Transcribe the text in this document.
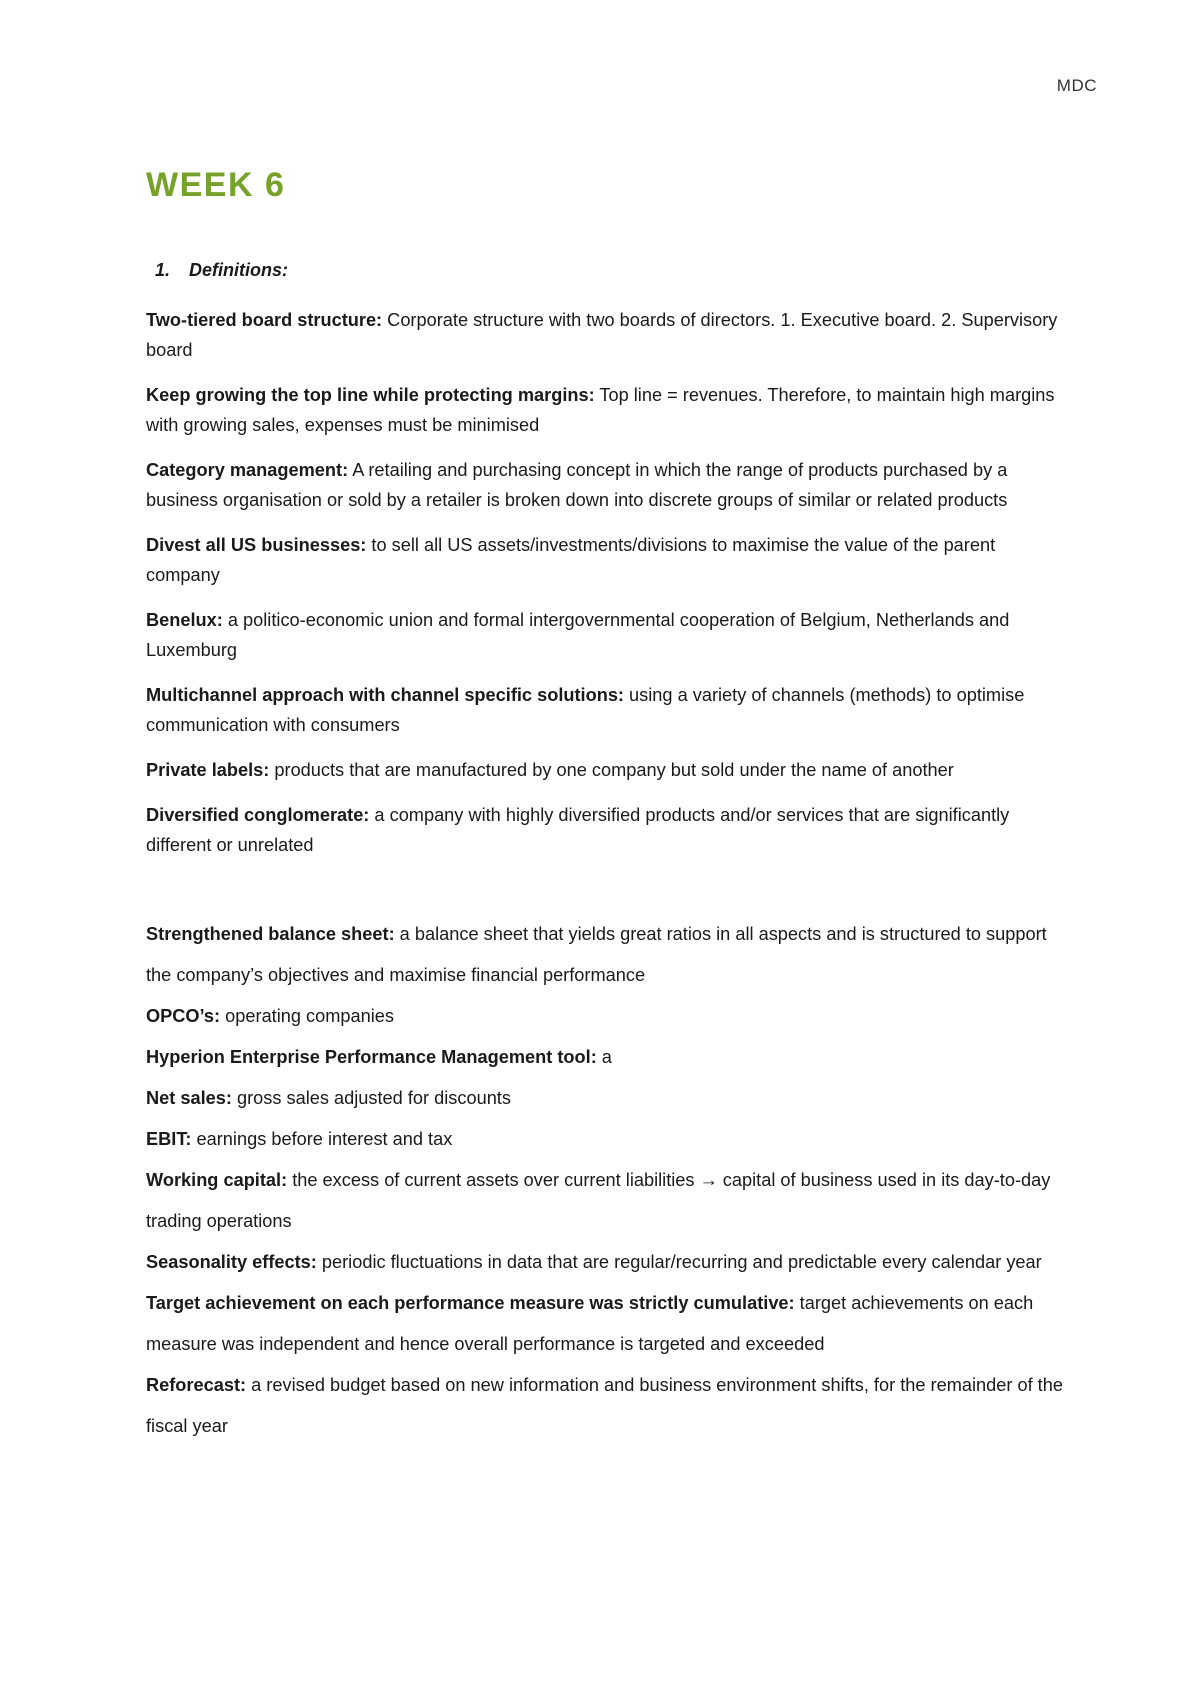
MDC
WEEK 6
1. Definitions:

Two-tiered board structure: Corporate structure with two boards of directors. 1. Executive board. 2. Supervisory board

Keep growing the top line while protecting margins: Top line = revenues. Therefore, to maintain high margins with growing sales, expenses must be minimised

Category management: A retailing and purchasing concept in which the range of products purchased by a business organisation or sold by a retailer is broken down into discrete groups of similar or related products

Divest all US businesses: to sell all US assets/investments/divisions to maximise the value of the parent company

Benelux: a politico-economic union and formal intergovernmental cooperation of Belgium, Netherlands and Luxemburg

Multichannel approach with channel specific solutions: using a variety of channels (methods) to optimise communication with consumers

Private labels: products that are manufactured by one company but sold under the name of another

Diversified conglomerate: a company with highly diversified products and/or services that are significantly different or unrelated

Strengthened balance sheet: a balance sheet that yields great ratios in all aspects and is structured to support the company’s objectives and maximise financial performance

OPCO’s: operating companies

Hyperion Enterprise Performance Management tool: a

Net sales: gross sales adjusted for discounts

EBIT: earnings before interest and tax

Working capital: the excess of current assets over current liabilities → capital of business used in its day-to-day trading operations

Seasonality effects: periodic fluctuations in data that are regular/recurring and predictable every calendar year

Target achievement on each performance measure was strictly cumulative: target achievements on each measure was independent and hence overall performance is targeted and exceeded

Reforecast: a revised budget based on new information and business environment shifts, for the remainder of the fiscal year
